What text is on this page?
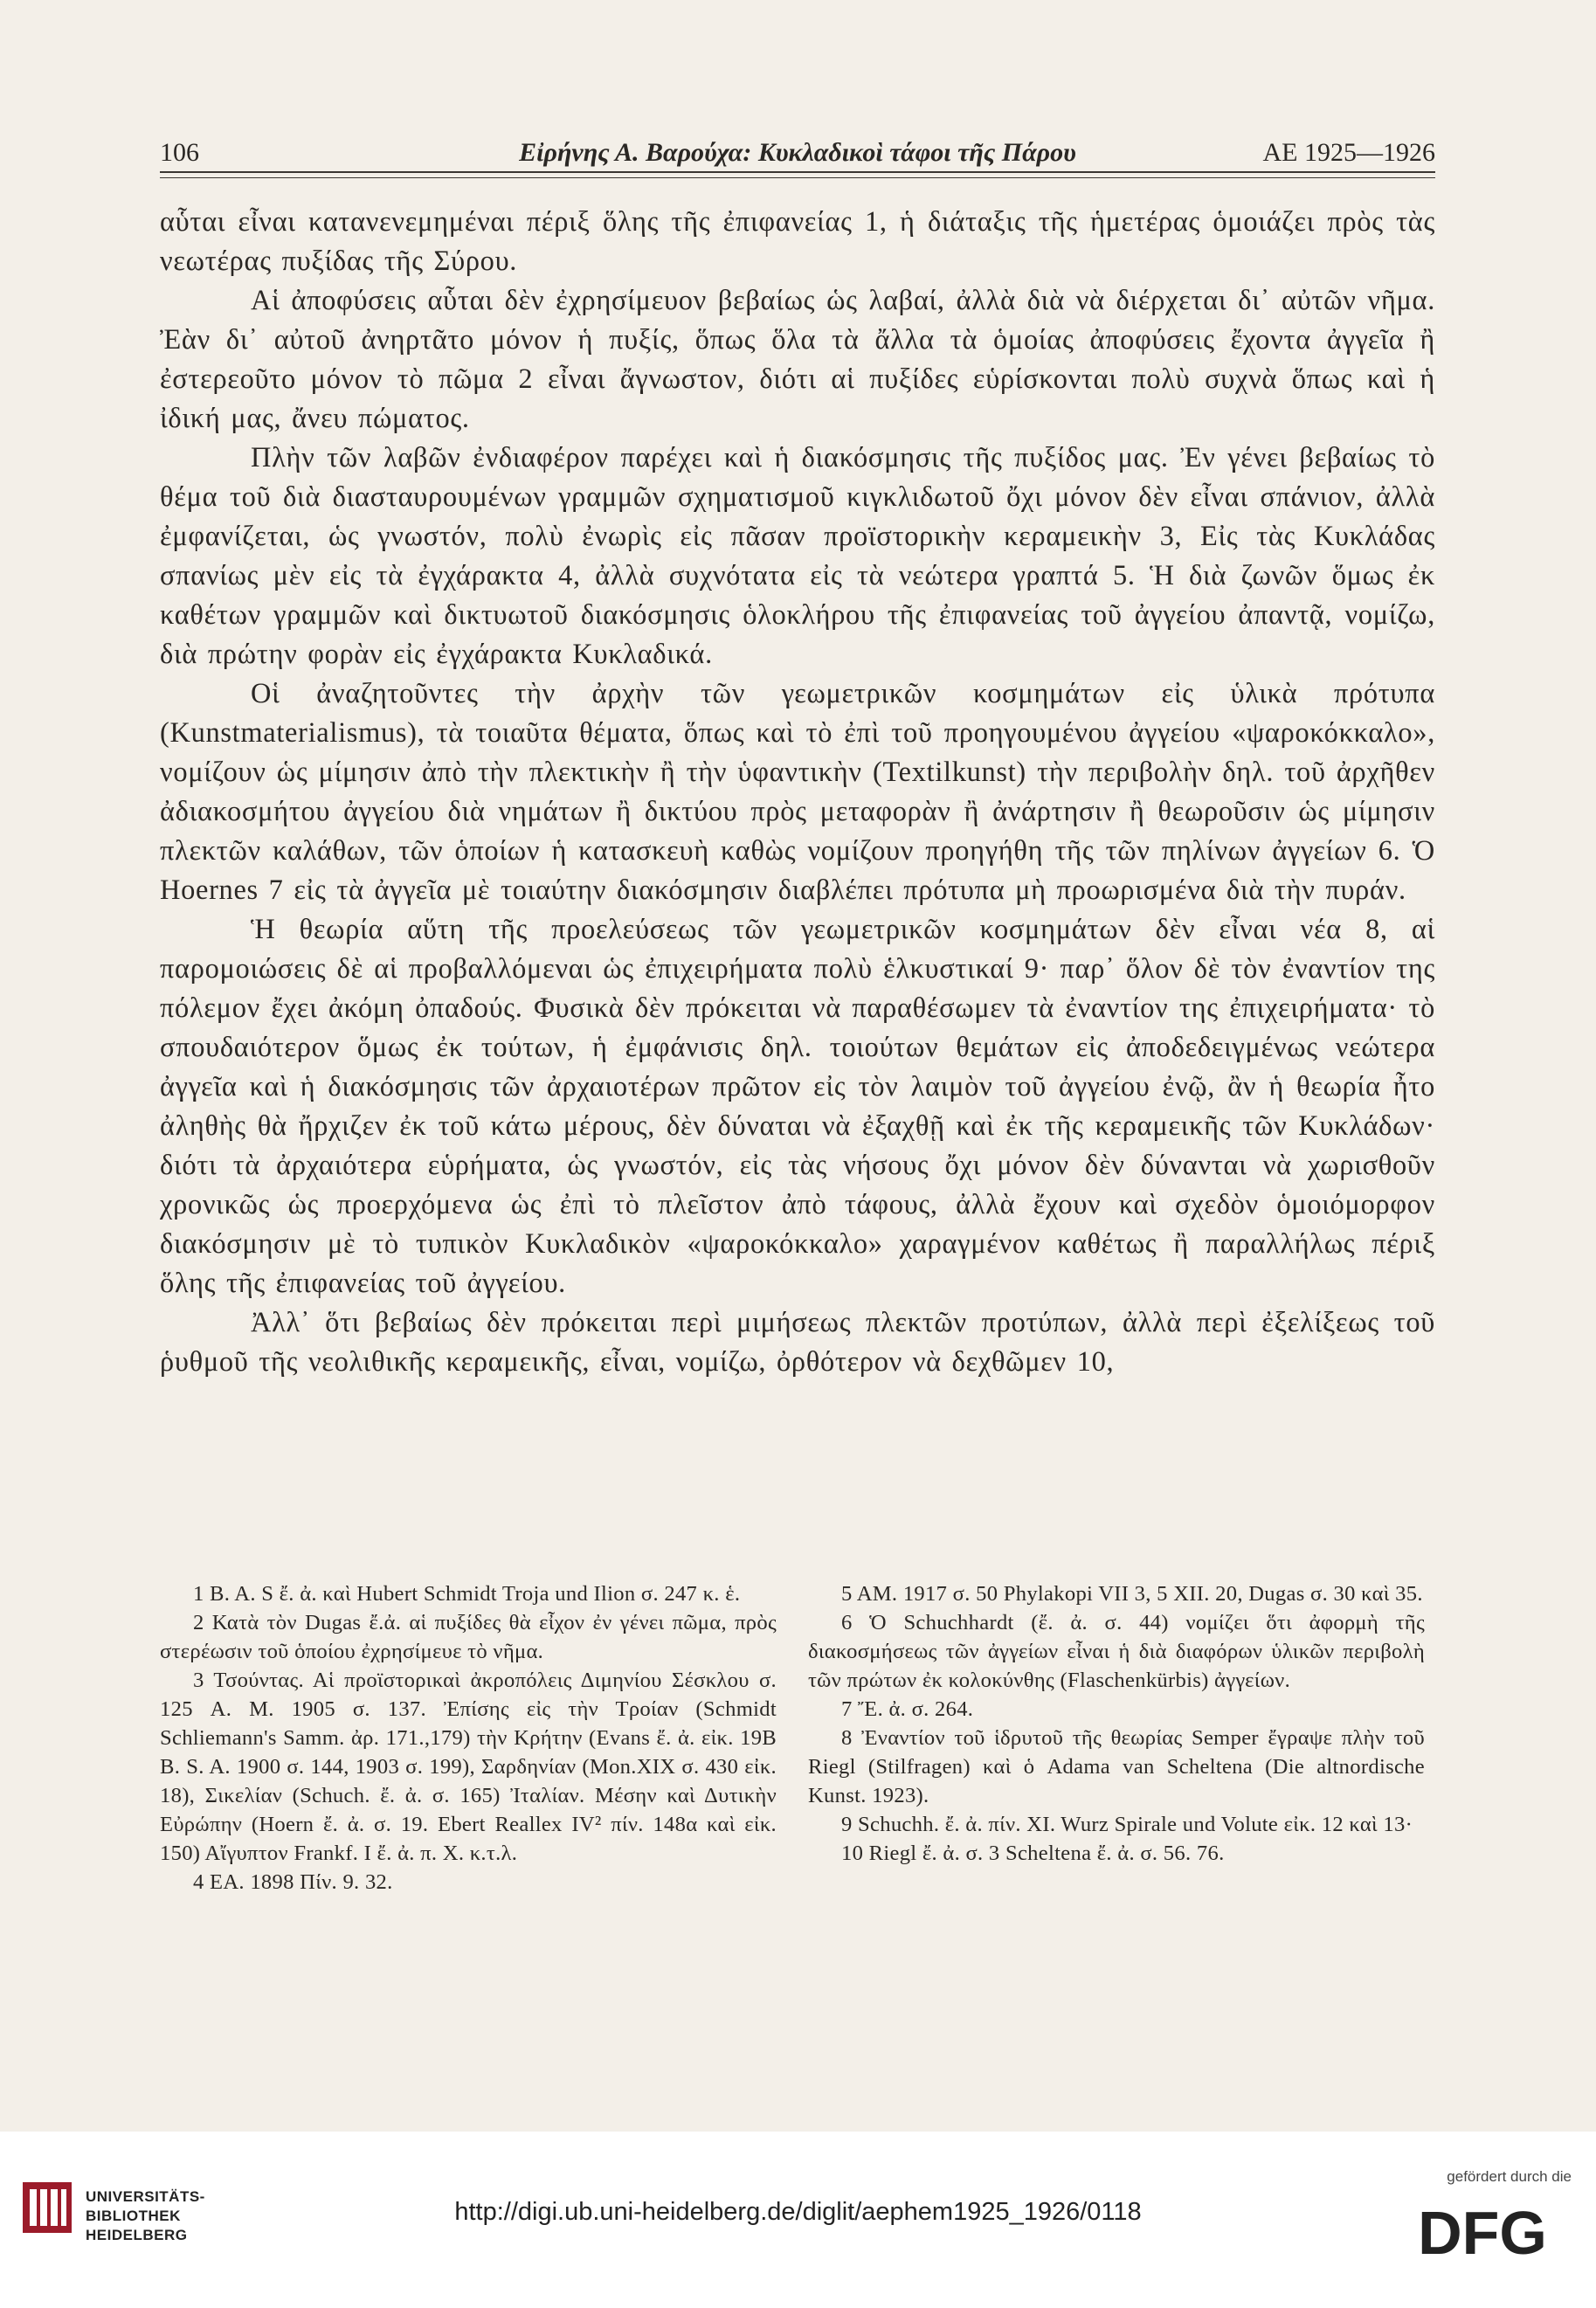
106	Εἰρήνης Α. Βαρούχα: Κυκλαδικοὶ τάφοι τῆς Πάρου	ΑΕ 1925—1926

αὗται εἶναι κατανενεμημέναι πέριξ ὅλης τῆς ἐπιφανείας 1, ἡ διάταξις τῆς ἡμετέρας ὁμοιάζει πρὸς τὰς νεωτέρας πυξίδας τῆς Σύρου.

Αἱ ἀποφύσεις αὗται δὲν ἐχρησίμευον βεβαίως ὡς λαβαί, ἀλλὰ διὰ νὰ διέρχεται δι᾽ αὐτῶν νῆμα. Ἐὰν δι᾽ αὐτοῦ ἀνηρτᾶτο μόνον ἡ πυξίς, ὅπως ὅλα τὰ ἄλλα τὰ ὁμοίας ἀποφύσεις ἔχοντα ἀγγεῖα ἢ ἐστερεοῦτο μόνον τὸ πῶμα 2 εἶναι ἄγνωστον, διότι αἱ πυξίδες εὑρίσκονται πολὺ συχνὰ ὅπως καὶ ἡ ἰδική μας, ἄνευ πώματος.

Πλὴν τῶν λαβῶν ἐνδιαφέρον παρέχει καὶ ἡ διακόσμησις τῆς πυξίδος μας. Ἐν γένει βεβαίως τὸ θέμα τοῦ διὰ διασταυρουμένων γραμμῶν σχηματισμοῦ κιγκλιδωτοῦ ὄχι μόνον δὲν εἶναι σπάνιον, ἀλλὰ ἐμφανίζεται, ὡς γνωστόν, πολὺ ἐνωρὶς εἰς πᾶσαν προϊστορικὴν κεραμεικὴν 3, Εἰς τὰς Κυκλάδας σπανίως μὲν εἰς τὰ ἐγχάρακτα 4, ἀλλὰ συχνότατα εἰς τὰ νεώτερα γραπτά 5. Ἡ διὰ ζωνῶν ὅμως ἐκ καθέτων γραμμῶν καὶ δικτυωτοῦ διακόσμησις ὁλοκλήρου τῆς ἐπιφανείας τοῦ ἀγγείου ἀπαντᾷ, νομίζω, διὰ πρώτην φορὰν εἰς ἐγχάρακτα Κυκλαδικά.

Οἱ ἀναζητοῦντες τὴν ἀρχὴν τῶν γεωμετρικῶν κοσμημάτων εἰς ὑλικὰ πρότυπα (Kunstmaterialismus), τὰ τοιαῦτα θέματα, ὅπως καὶ τὸ ἐπὶ τοῦ προηγουμένου ἀγγείου «ψαροκόκκαλο», νομίζουν ὡς μίμησιν ἀπὸ τὴν πλεκτικὴν ἢ τὴν ὑφαντικὴν (Textilkunst) τὴν περιβολὴν δηλ. τοῦ ἀρχῆθεν ἀδιακοσμήτου ἀγγείου διὰ νημάτων ἢ δικτύου πρὸς μεταφορὰν ἢ ἀνάρτησιν ἢ θεωροῦσιν ὡς μίμησιν πλεκτῶν καλάθων, τῶν ὁποίων ἡ κατασκευὴ καθὼς νομίζουν προηγήθη τῆς τῶν πηλίνων ἀγγείων 6. Ὁ Hoernes 7 εἰς τὰ ἀγγεῖα μὲ τοιαύτην διακόσμησιν διαβλέπει πρότυπα μὴ προωρισμένα διὰ τὴν πυράν.

Ἡ θεωρία αὕτη τῆς προελεύσεως τῶν γεωμετρικῶν κοσμημάτων δὲν εἶναι νέα 8, αἱ παρομοιώσεις δὲ αἱ προβαλλόμεναι ὡς ἐπιχειρήματα πολὺ ἑλκυστικαί 9· παρ᾽ ὅλον δὲ τὸν ἐναντίον της πόλεμον ἔχει ἀκόμη ὀπαδούς. Φυσικὰ δὲν πρόκειται νὰ παραθέσωμεν τὰ ἐναντίον της ἐπιχειρήματα· τὸ σπουδαιότερον ὅμως ἐκ τούτων, ἡ ἐμφάνισις δηλ. τοιούτων θεμάτων εἰς ἀποδεδειγμένως νεώτερα ἀγγεῖα καὶ ἡ διακόσμησις τῶν ἀρχαιοτέρων πρῶτον εἰς τὸν λαιμὸν τοῦ ἀγγείου ἐνῷ, ἂν ἡ θεωρία ἦτο ἀληθὴς θὰ ἤρχιζεν ἐκ τοῦ κάτω μέρους, δὲν δύναται νὰ ἐξαχθῇ καὶ ἐκ τῆς κεραμεικῆς τῶν Κυκλάδων· διότι τὰ ἀρχαιότερα εὑρήματα, ὡς γνωστόν, εἰς τὰς νήσους ὄχι μόνον δὲν δύνανται νὰ χωρισθοῦν χρονικῶς ὡς προερχόμενα ὡς ἐπὶ τὸ πλεῖστον ἀπὸ τάφους, ἀλλὰ ἔχουν καὶ σχεδὸν ὁμοιόμορφον διακόσμησιν μὲ τὸ τυπικὸν Κυκλαδικὸν «ψαροκόκκαλο» χαραγμένον καθέτως ἢ παραλλήλως πέριξ ὅλης τῆς ἐπιφανείας τοῦ ἀγγείου.

Ἀλλ᾽ ὅτι βεβαίως δὲν πρόκειται περὶ μιμήσεως πλεκτῶν προτύπων, ἀλλὰ περὶ ἐξελίξεως τοῦ ῥυθμοῦ τῆς νεολιθικῆς κεραμεικῆς, εἶναι, νομίζω, ὀρθότερον νὰ δεχθῶμεν 10,

1 B. A. S ἔ. ἀ. καὶ Hubert Schmidt Troja und Ilion σ. 247 κ. ἑ.

2 Κατὰ τὸν Dugas ἔ.ἀ. αἱ πυξίδες θὰ εἶχον ἐν γένει πῶμα, πρὸς στερέωσιν τοῦ ὁποίου ἐχρησίμευε τὸ νῆμα.

3 Τσούντας. Αἱ προϊστορικαὶ ἀκροπόλεις Διμηνίου Σέσκλου σ. 125 A. M. 1905 σ. 137. Ἐπίσης εἰς τὴν Τροίαν (Schmidt Schliemann's Samm. ἀρ. 171.,179) τὴν Κρήτην (Evans ἔ. ἀ. εἰκ. 19B B. S. A. 1900 σ. 144, 1903 σ. 199), Σαρδηνίαν (Mon.XIX σ. 430 εἰκ. 18), Σικελίαν (Schuch. ἔ. ἀ. σ. 165) Ἰταλίαν. Μέσην καὶ Δυτικὴν Εὐρώπην (Hoern ἔ. ἀ. σ. 19. Ebert Reallex IV² πίν. 148α καὶ εἰκ. 150) Αἴγυπτον Frankf. I ἔ. ἀ. π. Χ. κ.τ.λ.

4 ΕΑ. 1898 Πίν. 9. 32.

5 AM. 1917 σ. 50 Phylakopi VII 3, 5 XII. 20, Dugas σ. 30 καὶ 35.

6 Ὁ Schuchhardt (ἔ. ἀ. σ. 44) νομίζει ὅτι ἀφορμὴ τῆς διακοσμήσεως τῶν ἀγγείων εἶναι ἡ διὰ διαφόρων ὑλικῶν περιβολὴ τῶν πρώτων ἐκ κολοκύνθης (Flaschenkürbis) ἀγγείων.

7 Ἔ. ἀ. σ. 264.

8 Ἐναντίον τοῦ ἱδρυτοῦ τῆς θεωρίας Semper ἔγραψε πλὴν τοῦ Riegl (Stilfragen) καὶ ὁ Adama van Scheltena (Die altnordische Kunst. 1923).

9 Schuchh. ἔ. ἀ. πίν. XI. Wurz Spirale und Volute εἰκ. 12 καὶ 13·

10 Riegl ἔ. ἀ. σ. 3 Scheltena ἔ. ἀ. σ. 56. 76.

UNIVERSITÄTS-
BIBLIOTHEK
HEIDELBERG
http://digi.ub.uni-heidelberg.de/diglit/aephem1925_1926/0118
gefördert durch die
DFG
